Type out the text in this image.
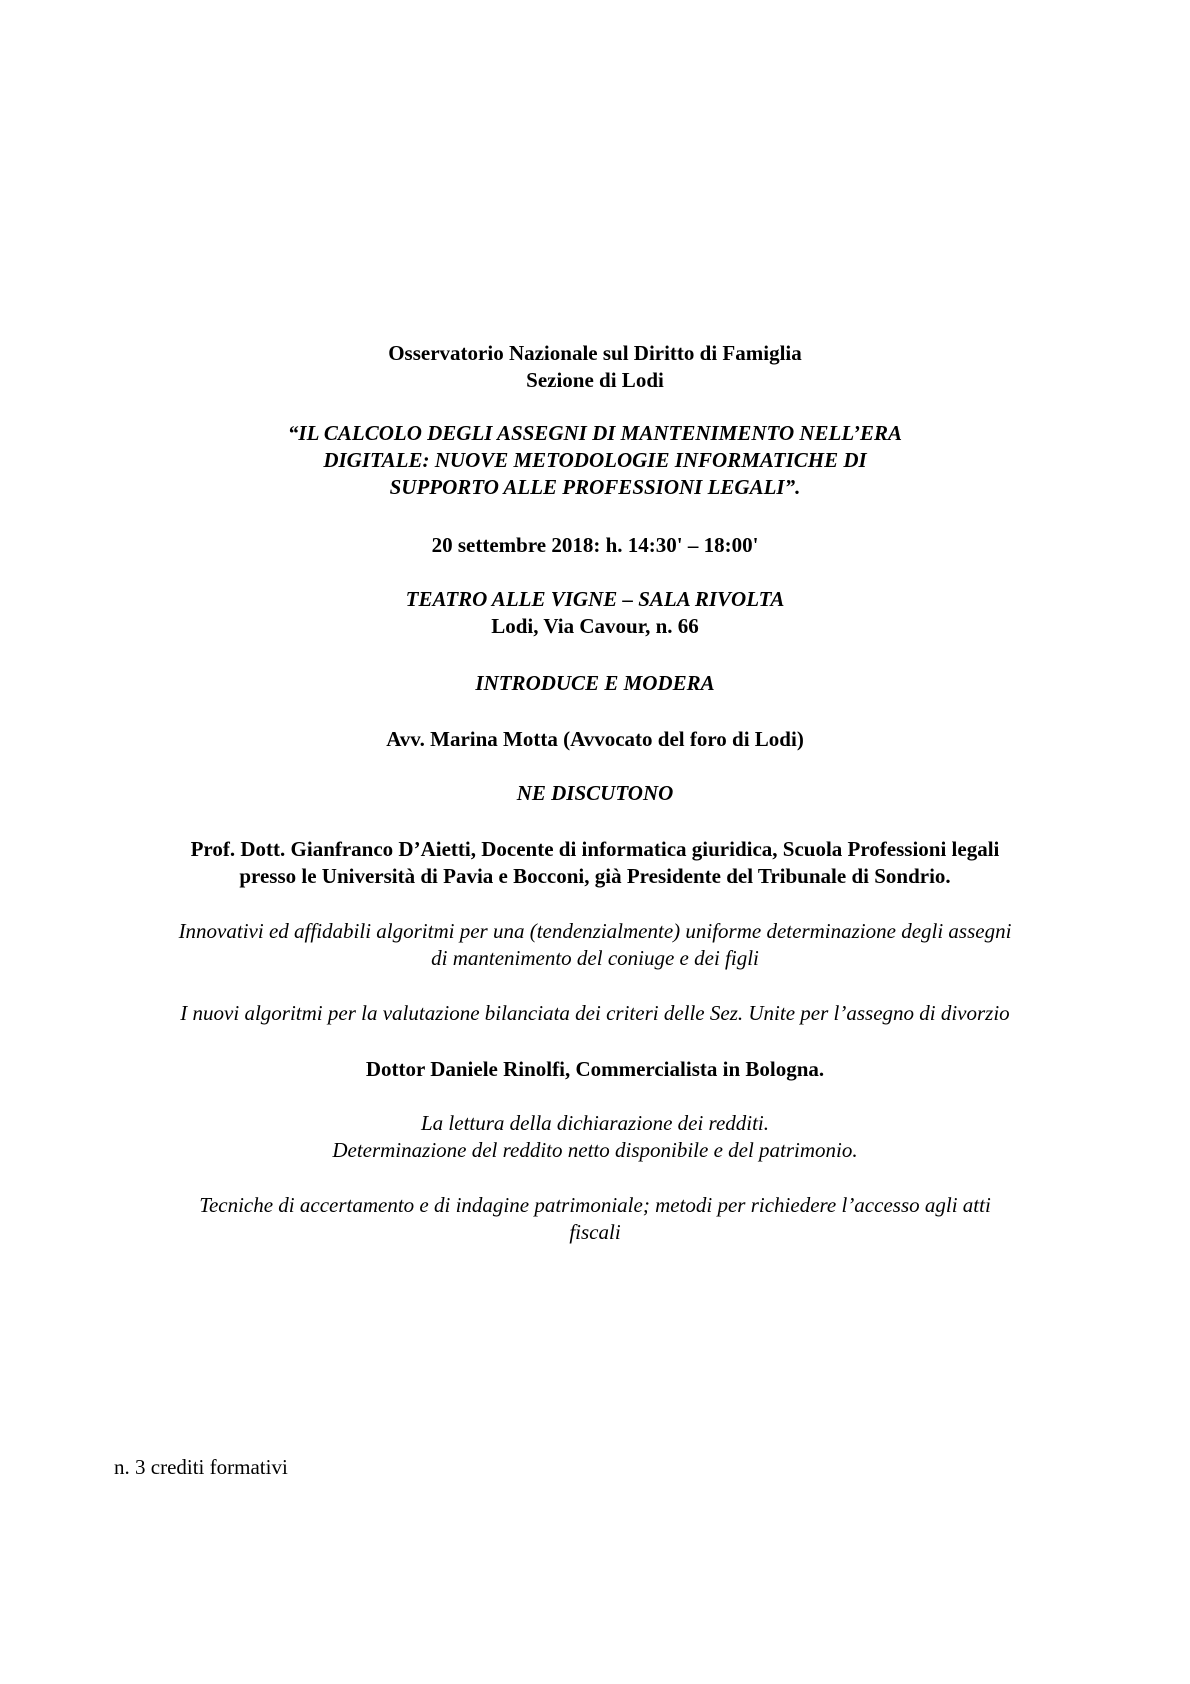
Osservatorio Nazionale sul Diritto di Famiglia
Sezione di Lodi

“IL CALCOLO DEGLI ASSEGNI DI MANTENIMENTO NELL’ERA
DIGITALE: NUOVE METODOLOGIE INFORMATICHE DI
SUPPORTO ALLE PROFESSIONI LEGALI”.

20 settembre 2018: h. 14:30' – 18:00'

TEATRO ALLE VIGNE – SALA RIVOLTA
Lodi, Via Cavour, n. 66

INTRODUCE E MODERA

Avv. Marina Motta (Avvocato del foro di Lodi)

NE DISCUTONO

Prof. Dott. Gianfranco D’Aietti, Docente di informatica giuridica, Scuola Professioni legali
presso le Università di Pavia e Bocconi, già Presidente del Tribunale di Sondrio.

Innovativi ed affidabili algoritmi per una (tendenzialmente) uniforme determinazione degli assegni
di mantenimento del coniuge e dei figli

I nuovi algoritmi per la valutazione bilanciata dei criteri delle Sez. Unite per l’assegno di divorzio

Dottor Daniele Rinolfi, Commercialista in Bologna.

La lettura della dichiarazione dei redditi.
Determinazione del reddito netto disponibile e del patrimonio.

Tecniche di accertamento e di indagine patrimoniale; metodi per richiedere l’accesso agli atti
fiscali

n. 3 crediti formativi
